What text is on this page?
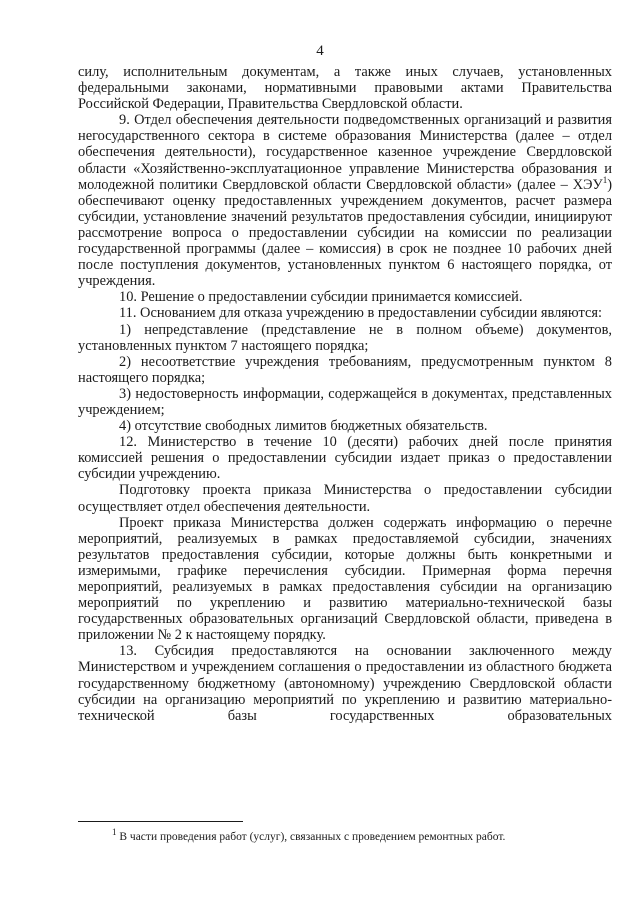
4

силу, исполнительным документам, а также иных случаев, установленных федеральными законами, нормативными правовыми актами Правительства Российской Федерации, Правительства Свердловской области.

9. Отдел обеспечения деятельности подведомственных организаций и развития негосударственного сектора в системе образования Министерства (далее – отдел обеспечения деятельности), государственное казенное учреждение Свердловской области «Хозяйственно-эксплуатационное управление Министерства образования и молодежной политики Свердловской области Свердловской области» (далее – ХЭУ$^1$) обеспечивают оценку предоставленных учреждением документов, расчет размера субсидии, установление значений результатов предоставления субсидии, инициируют рассмотрение вопроса о предоставлении субсидии на комиссии по реализации государственной программы (далее – комиссия) в срок не позднее 10 рабочих дней после поступления документов, установленных пунктом 6 настоящего порядка, от учреждения.

10. Решение о предоставлении субсидии принимается комиссией.

11. Основанием для отказа учреждению в предоставлении субсидии являются:

1) непредставление (представление не в полном объеме) документов, установленных пунктом 7 настоящего порядка;

2) несоответствие учреждения требованиям, предусмотренным пунктом 8 настоящего порядка;

3) недостоверность информации, содержащейся в документах, представленных учреждением;

4) отсутствие свободных лимитов бюджетных обязательств.

12. Министерство в течение 10 (десяти) рабочих дней после принятия комиссией решения о предоставлении субсидии издает приказ о предоставлении субсидии учреждению.

Подготовку проекта приказа Министерства о предоставлении субсидии осуществляет отдел обеспечения деятельности.

Проект приказа Министерства должен содержать информацию о перечне мероприятий, реализуемых в рамках предоставляемой субсидии, значениях результатов предоставления субсидии, которые должны быть конкретными и измеримыми, графике перечисления субсидии. Примерная форма перечня мероприятий, реализуемых в рамках предоставления субсидии на организацию мероприятий по укреплению и развитию материально-технической базы государственных образовательных организаций Свердловской области, приведена в приложении № 2 к настоящему порядку.

13. Субсидия предоставляются на основании заключенного между Министерством и учреждением соглашения о предоставлении из областного бюджета государственному бюджетному (автономному) учреждению Свердловской области субсидии на организацию мероприятий по укреплению и развитию материально-технической базы государственных образовательных

$^1$ В части проведения работ (услуг), связанных с проведением ремонтных работ.
